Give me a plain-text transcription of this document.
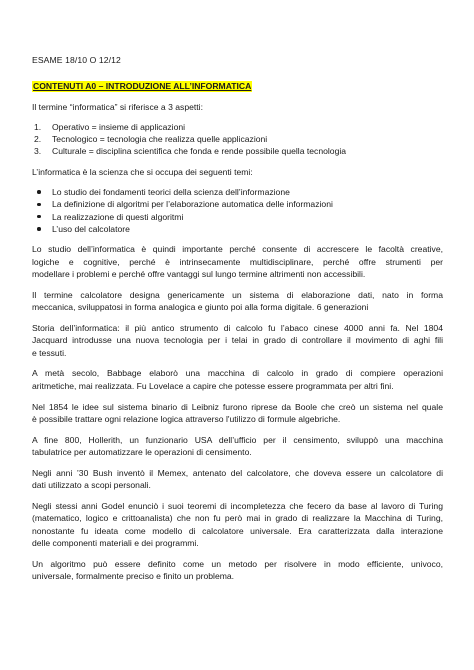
ESAME 18/10 O 12/12
CONTENUTI A0 – INTRODUZIONE ALL’INFORMATICA
Il termine “informatica” si riferisce a 3 aspetti:
1. Operativo = insieme di applicazioni
2. Tecnologico = tecnologia che realizza quelle applicazioni
3. Culturale = disciplina scientifica che fonda e rende possibile quella tecnologia
L’informatica è la scienza che si occupa dei seguenti temi:
Lo studio dei fondamenti teorici della scienza dell’informazione
La definizione di algoritmi per l’elaborazione automatica delle informazioni
La realizzazione di questi algoritmi
L’uso del calcolatore
Lo studio dell’informatica è quindi importante perché consente di accrescere le facoltà creative,
logiche e cognitive, perché è intrinsecamente multidisciplinare, perché offre strumenti per
modellare i problemi e perché offre vantaggi sul lungo termine altrimenti non accessibili.
Il termine calcolatore designa genericamente un sistema di elaborazione dati, nato in forma
meccanica, sviluppatosi in forma analogica e giunto poi alla forma digitale. 6 generazioni
Storia dell’informatica: il più antico strumento di calcolo fu l’abaco cinese 4000 anni fa. Nel 1804
Jacquard introdusse una nuova tecnologia per i telai in grado di controllare il movimento di aghi fili
e tessuti.
A metà secolo, Babbage elaborò una macchina di calcolo in grado di compiere operazioni
aritmetiche, mai realizzata. Fu Lovelace a capire che potesse essere programmata per altri fini.
Nel 1854 le idee sul sistema binario di Leibniz furono riprese da Boole che creò un sistema nel quale
è possibile trattare ogni relazione logica attraverso l'utilizzo di formule algebriche.
A fine 800, Hollerith, un funzionario USA dell’ufficio per il censimento, sviluppò una macchina
tabulatrice per automatizzare le operazioni di censimento.
Negli anni ’30 Bush inventò il Memex, antenato del calcolatore, che doveva essere un calcolatore di
dati utilizzato a scopi personali.
Negli stessi anni Godel enunciò i suoi teoremi di incompletezza che fecero da base al lavoro di Turing
(matematico, logico e crittoanalista) che non fu però mai in grado di realizzare la Macchina di Turing,
nonostante fu ideata come modello di calcolatore universale. Era caratterizzata dalla interazione
delle componenti materiali e dei programmi.
Un algoritmo può essere definito come un metodo per risolvere in modo efficiente, univoco,
universale, formalmente preciso e finito un problema.
